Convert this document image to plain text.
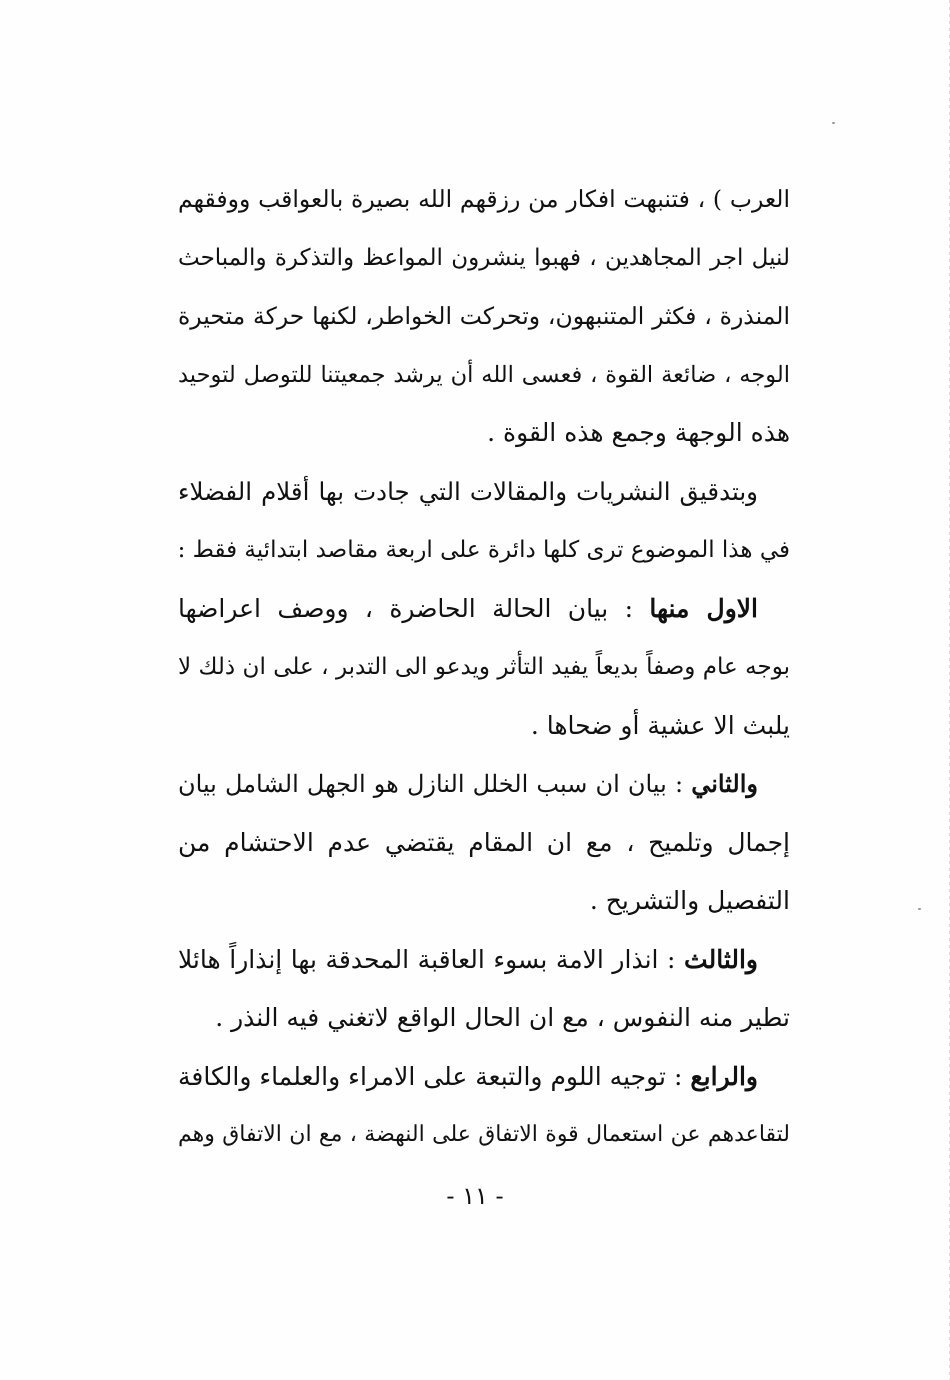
العرب ) ، فتنبهت افكار من رزقهم الله بصيرة بالعواقب ووفقهم
لنيل اجر المجاهدين ، فهبوا ينشرون المواعظ والتذكرة والمباحث
المنذرة ، فكثر المتنبهون، وتحركت الخواطر، لكنها حركة متحيرة
الوجه ، ضائعة القوة ، فعسى الله أن يرشد جمعيتنا للتوصل لتوحيد
هذه الوجهة وجمع هذه القوة .
وبتدقيق النشريات والمقالات التي جادت بها أقلام الفضلاء
في هذا الموضوع ترى كلها دائرة على اربعة مقاصد ابتدائية فقط :
الاول منها : بيان الحالة الحاضرة ، ووصف اعراضها
بوجه عام وصفاً بديعاً يفيد التأثر ويدعو الى التدبر ، على ان ذلك لا
يلبث الا عشية أو ضحاها .
والثاني : بيان ان سبب الخلل النازل هو الجهل الشامل بيان
إجمال وتلميح ، مع ان المقام يقتضي عدم الاحتشام من
التفصيل والتشريح .
والثالث : انذار الامة بسوء العاقبة المحدقة بها إنذاراً هائلا
تطير منه النفوس ، مع ان الحال الواقع لاتغني فيه النذر .
والرابع : توجيه اللوم والتبعة على الامراء والعلماء والكافة
لتقاعدهم عن استعمال قوة الاتفاق على النهضة ، مع ان الاتفاق وهم
- ١١ -
